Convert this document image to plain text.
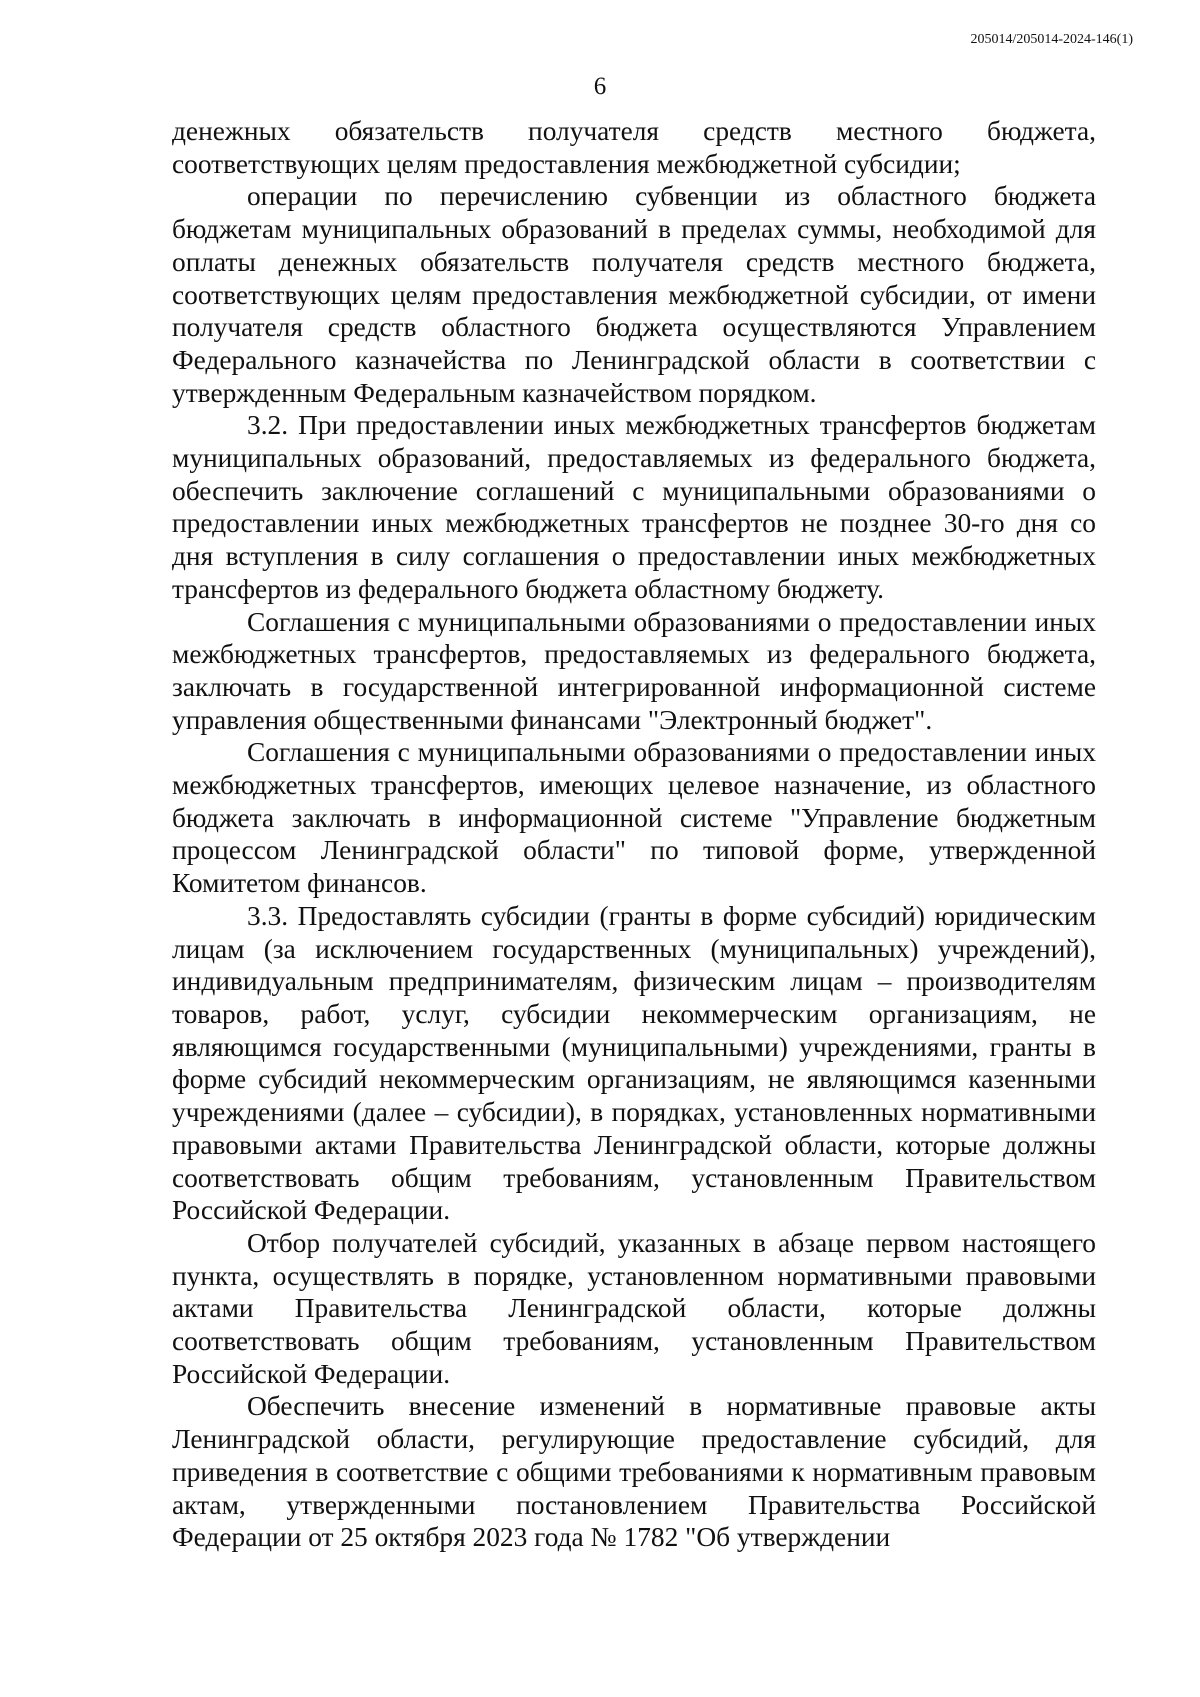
205014/205014-2024-146(1)
6

денежных обязательств получателя средств местного бюджета, соответствующих целям предоставления межбюджетной субсидии;

операции по перечислению субвенции из областного бюджета бюджетам муниципальных образований в пределах суммы, необходимой для оплаты денежных обязательств получателя средств местного бюджета, соответствующих целям предоставления межбюджетной субсидии, от имени получателя средств областного бюджета осуществляются Управлением Федерального казначейства по Ленинградской области в соответствии с утвержденным Федеральным казначейством порядком.

3.2. При предоставлении иных межбюджетных трансфертов бюджетам муниципальных образований, предоставляемых из федерального бюджета, обеспечить заключение соглашений с муниципальными образованиями о предоставлении иных межбюджетных трансфертов не позднее 30-го дня со дня вступления в силу соглашения о предоставлении иных межбюджетных трансфертов из федерального бюджета областному бюджету.

Соглашения с муниципальными образованиями о предоставлении иных межбюджетных трансфертов, предоставляемых из федерального бюджета, заключать в государственной интегрированной информационной системе управления общественными финансами "Электронный бюджет".

Соглашения с муниципальными образованиями о предоставлении иных межбюджетных трансфертов, имеющих целевое назначение, из областного бюджета заключать в информационной системе "Управление бюджетным процессом Ленинградской области" по типовой форме, утвержденной Комитетом финансов.

3.3. Предоставлять субсидии (гранты в форме субсидий) юридическим лицам (за исключением государственных (муниципальных) учреждений), индивидуальным предпринимателям, физическим лицам – производителям товаров, работ, услуг, субсидии некоммерческим организациям, не являющимся государственными (муниципальными) учреждениями, гранты в форме субсидий некоммерческим организациям, не являющимся казенными учреждениями (далее – субсидии), в порядках, установленных нормативными правовыми актами Правительства Ленинградской области, которые должны соответствовать общим требованиям, установленным Правительством Российской Федерации.

Отбор получателей субсидий, указанных в абзаце первом настоящего пункта, осуществлять в порядке, установленном нормативными правовыми актами Правительства Ленинградской области, которые должны соответствовать общим требованиям, установленным Правительством Российской Федерации.

Обеспечить внесение изменений в нормативные правовые акты Ленинградской области, регулирующие предоставление субсидий, для приведения в соответствие с общими требованиями к нормативным правовым актам, утвержденными постановлением Правительства Российской Федерации от 25 октября 2023 года № 1782 "Об утверждении
